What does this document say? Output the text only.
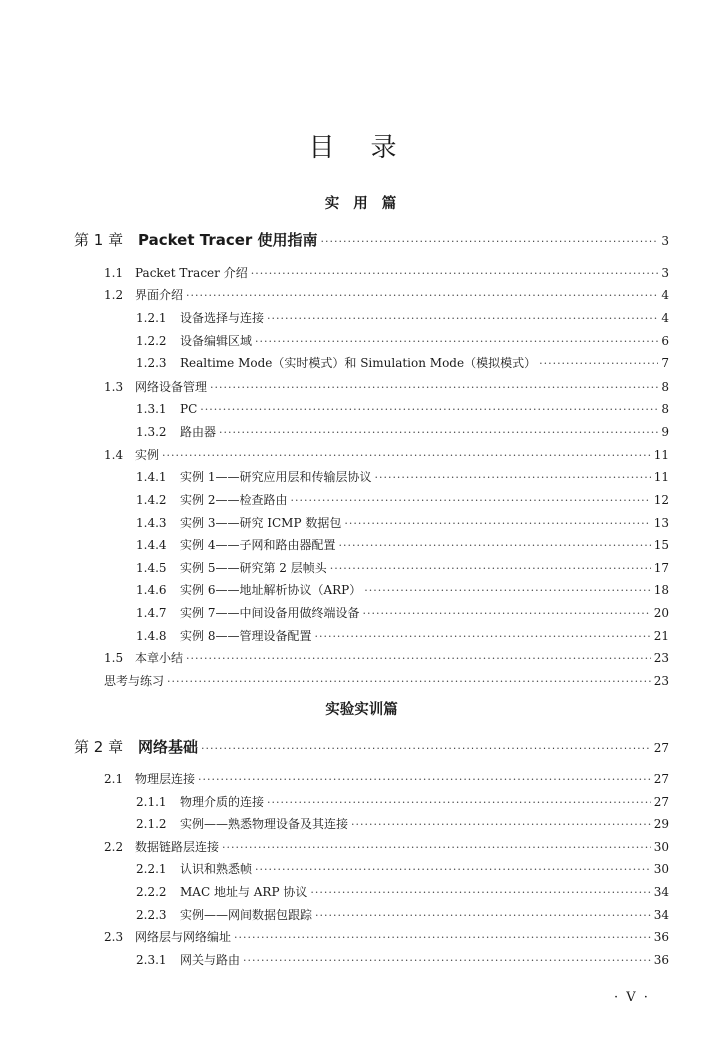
目录
实用篇
实验实训篇
第 1 章 Packet Tracer 使用指南 ·····	3
1.1 Packet Tracer 介绍 ·····	3
1.2 界面介绍 ·····	4
1.2.1	设备选择与连接 ·····	4
1.2.2	设备编辑区域 ·····	6
1.2.3	Realtime Mode（实时模式）和 Simulation Mode（模拟模式） ·····	7
1.3 网络设备管理 ·····	8
1.3.1	PC ·····	8
1.3.2	路由器 ·····	9
1.4 实例 ·····	11
1.4.1	实例 1——研究应用层和传输层协议 ·····	11
1.4.2	实例 2——检查路由 ·····	12
1.4.3	实例 3——研究 ICMP 数据包 ·····	13
1.4.4	实例 4——子网和路由器配置 ·····	15
1.4.5	实例 5——研究第 2 层帧头 ·····	17
1.4.6	实例 6——地址解析协议（ARP） ·····	18
1.4.7	实例 7——中间设备用做终端设备 ·····	20
1.4.8	实例 8——管理设备配置 ·····	21
1.5 本章小结 ·····	23
思考与练习 ·····	23
第 2 章 网络基础 ·····	27
2.1 物理层连接 ·····	27
2.1.1	物理介质的连接 ·····	27
2.1.2	实例——熟悉物理设备及其连接 ·····	29
2.2 数据链路层连接 ·····	30
2.2.1	认识和熟悉帧 ·····	30
2.2.2	MAC 地址与 ARP 协议 ·····	34
2.2.3	实例——网间数据包跟踪 ·····	34
2.3 网络层与网络编址 ·····	36
2.3.1	网关与路由 ·····	36
· V ·
